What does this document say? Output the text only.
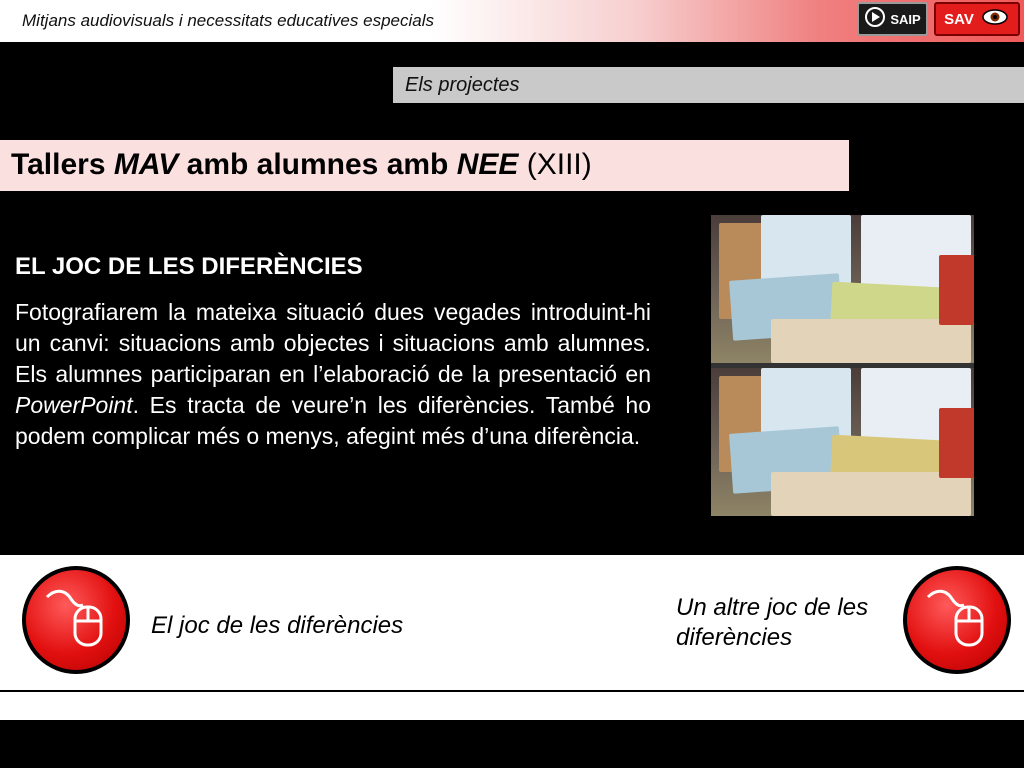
Mitjans audiovisuals i necessitats educatives especials	SAIP SAV
Els projectes
Tallers MAV amb alumnes amb NEE (XIII)
EL JOC DE LES DIFERÈNCIES
Fotografiarem la mateixa situació dues vegades introduint-hi un canvi: situacions amb objectes i situacions amb alumnes. Els alumnes participaran en l’elaboració de la presentació en PowerPoint. Es tracta de veure’n les diferències. També ho podem complicar més o menys, afegint més d’una diferència.
El joc de les diferències
Un altre joc de les diferències
